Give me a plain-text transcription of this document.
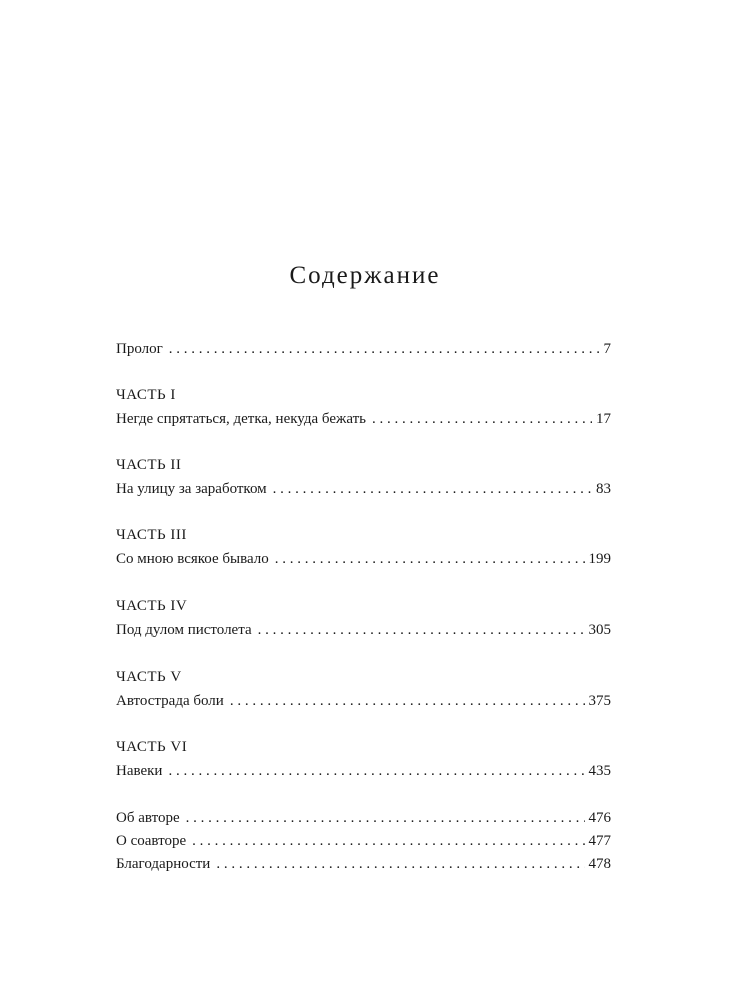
Содержание
Пролог . . .	7
ЧАСТЬ I
Негде спрятаться, детка, некуда бежать . . .	17
ЧАСТЬ II
На улицу за заработком . . .	83
ЧАСТЬ III
Со мною всякое бывало . . .	199
ЧАСТЬ IV
Под дулом пистолета . . .	305
ЧАСТЬ V
Автострада боли . . .	375
ЧАСТЬ VI
Навеки . . .	435
Об авторе . . .	476
О соавторе . . .	477
Благодарности . . .	478
